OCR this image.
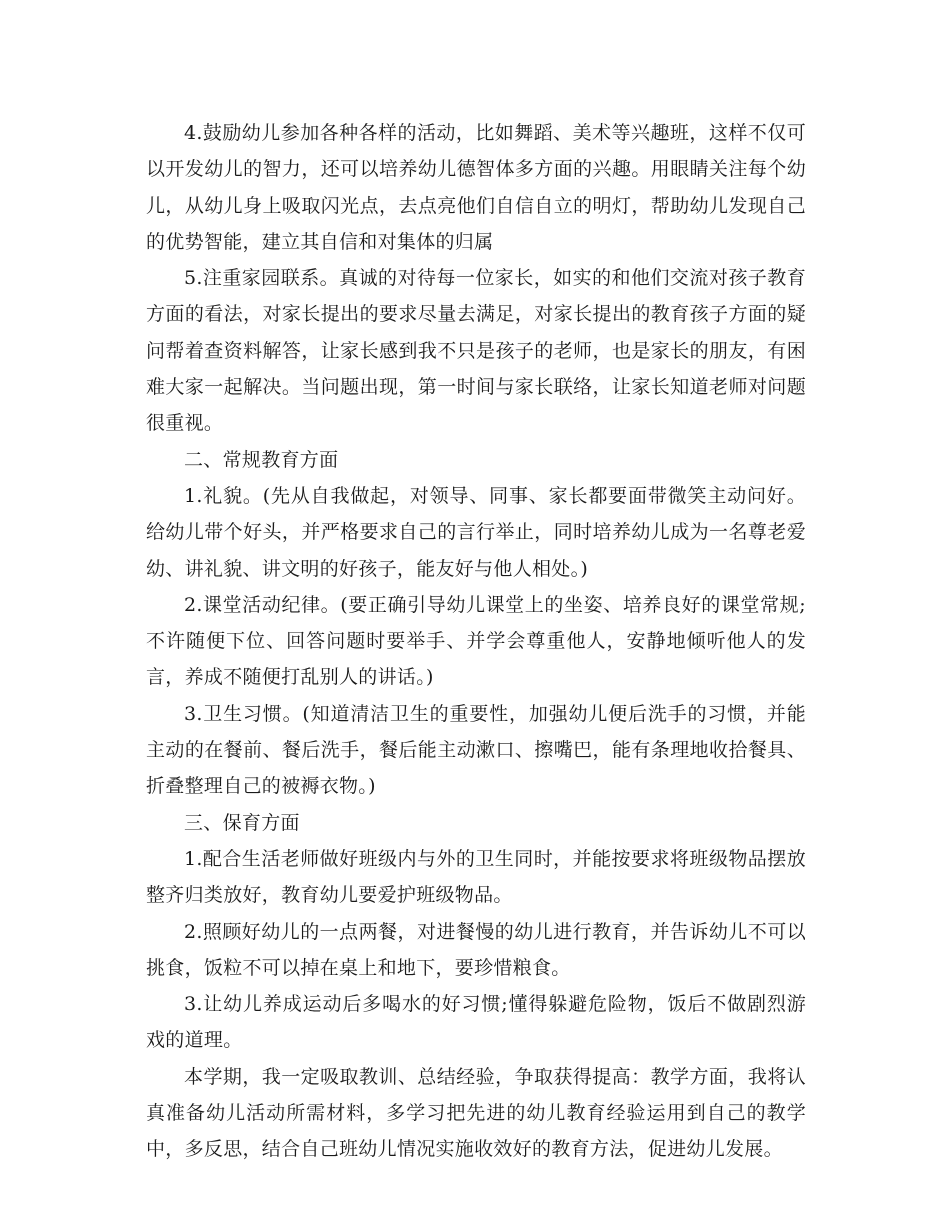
4.鼓励幼儿参加各种各样的活动，比如舞蹈、美术等兴趣班，这样不仅可以开发幼儿的智力，还可以培养幼儿德智体多方面的兴趣。用眼睛关注每个幼儿，从幼儿身上吸取闪光点，去点亮他们自信自立的明灯，帮助幼儿发现自己的优势智能，建立其自信和对集体的归属

5.注重家园联系。真诚的对待每一位家长，如实的和他们交流对孩子教育方面的看法，对家长提出的要求尽量去满足，对家长提出的教育孩子方面的疑问帮着查资料解答，让家长感到我不只是孩子的老师，也是家长的朋友，有困难大家一起解决。当问题出现，第一时间与家长联络，让家长知道老师对问题很重视。

二、常规教育方面

1.礼貌。(先从自我做起，对领导、同事、家长都要面带微笑主动问好。给幼儿带个好头，并严格要求自己的言行举止，同时培养幼儿成为一名尊老爱幼、讲礼貌、讲文明的好孩子，能友好与他人相处。)

2.课堂活动纪律。(要正确引导幼儿课堂上的坐姿、培养良好的课堂常规;不许随便下位、回答问题时要举手、并学会尊重他人，安静地倾听他人的发言，养成不随便打乱别人的讲话。)

3.卫生习惯。(知道清洁卫生的重要性，加强幼儿便后洗手的习惯，并能主动的在餐前、餐后洗手，餐后能主动漱口、擦嘴巴，能有条理地收拾餐具、折叠整理自己的被褥衣物。)

三、保育方面

1.配合生活老师做好班级内与外的卫生同时，并能按要求将班级物品摆放整齐归类放好，教育幼儿要爱护班级物品。

2.照顾好幼儿的一点两餐，对进餐慢的幼儿进行教育，并告诉幼儿不可以挑食，饭粒不可以掉在桌上和地下，要珍惜粮食。

3.让幼儿养成运动后多喝水的好习惯;懂得躲避危险物，饭后不做剧烈游戏的道理。

本学期，我一定吸取教训、总结经验，争取获得提高：教学方面，我将认真准备幼儿活动所需材料，多学习把先进的幼儿教育经验运用到自己的教学中，多反思，结合自己班幼儿情况实施收效好的教育方法，促进幼儿发展。
